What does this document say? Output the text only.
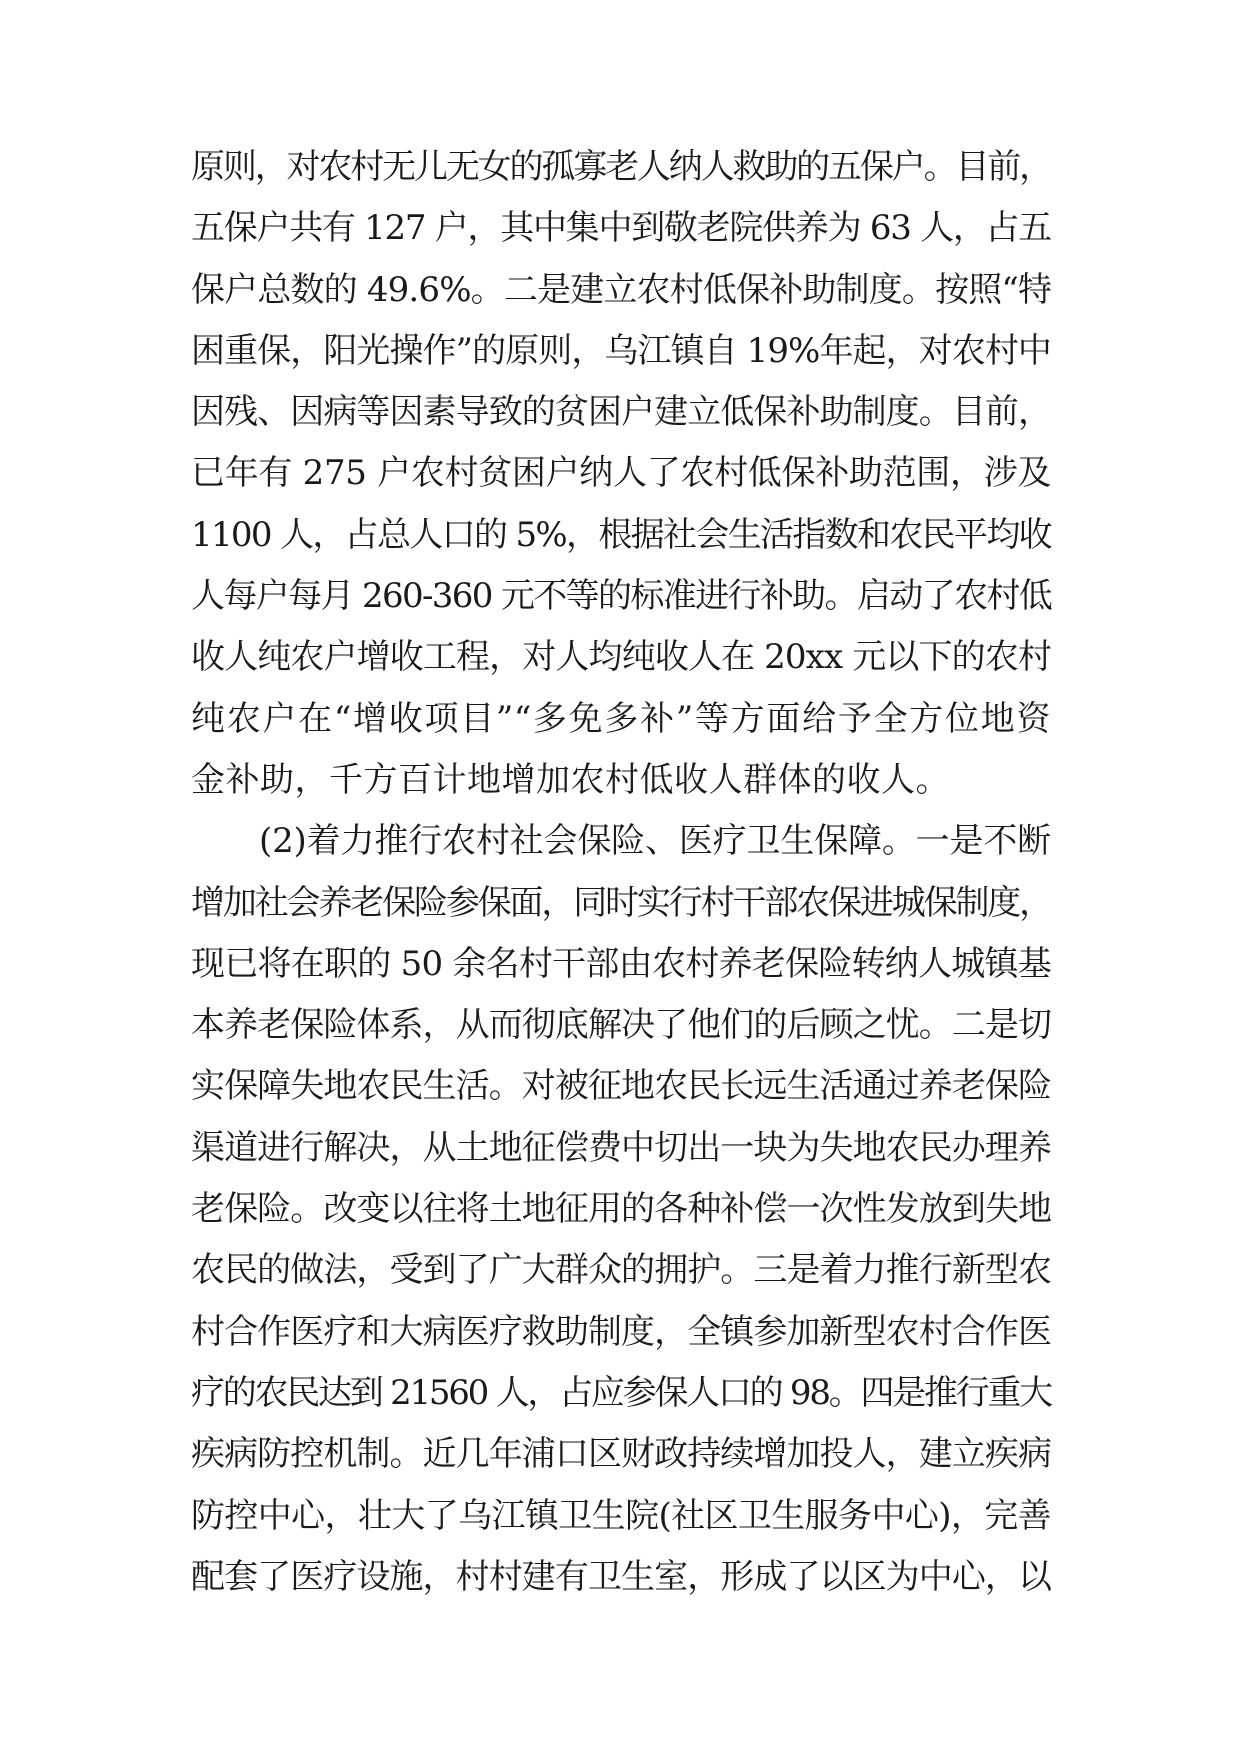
原则，对农村无儿无女的孤寡老人纳人救助的五保户。目前，
五保户共有 127 户，其中集中到敬老院供养为 63 人，占五
保户总数的 49.6%。二是建立农村低保补助制度。按照“特
困重保，阳光操作”的原则，乌江镇自 19%年起，对农村中
因残、因病等因素导致的贫困户建立低保补助制度。目前，
已年有 275 户农村贫困户纳人了农村低保补助范围，涉及
1100 人，占总人口的 5%，根据社会生活指数和农民平均收
人每户每月 260-360 元不等的标准进行补助。启动了农村低
收人纯农户增收工程，对人均纯收人在 20xx 元以下的农村
纯农户在“增收项目”“多免多补”等方面给予全方位地资
金补助，千方百计地增加农村低收人群体的收人。
(2)着力推行农村社会保险、医疗卫生保障。一是不断
增加社会养老保险参保面，同时实行村干部农保进城保制度，
现已将在职的 50 余名村干部由农村养老保险转纳人城镇基
本养老保险体系，从而彻底解决了他们的后顾之忧。二是切
实保障失地农民生活。对被征地农民长远生活通过养老保险
渠道进行解决，从土地征偿费中切出一块为失地农民办理养
老保险。改变以往将土地征用的各种补偿一次性发放到失地
农民的做法，受到了广大群众的拥护。三是着力推行新型农
村合作医疗和大病医疗救助制度，全镇参加新型农村合作医
疗的农民达到 21560 人，占应参保人口的 98。四是推行重大
疾病防控机制。近几年浦口区财政持续增加投人，建立疾病
防控中心，壮大了乌江镇卫生院(社区卫生服务中心)，完善
配套了医疗设施，村村建有卫生室，形成了以区为中心，以
